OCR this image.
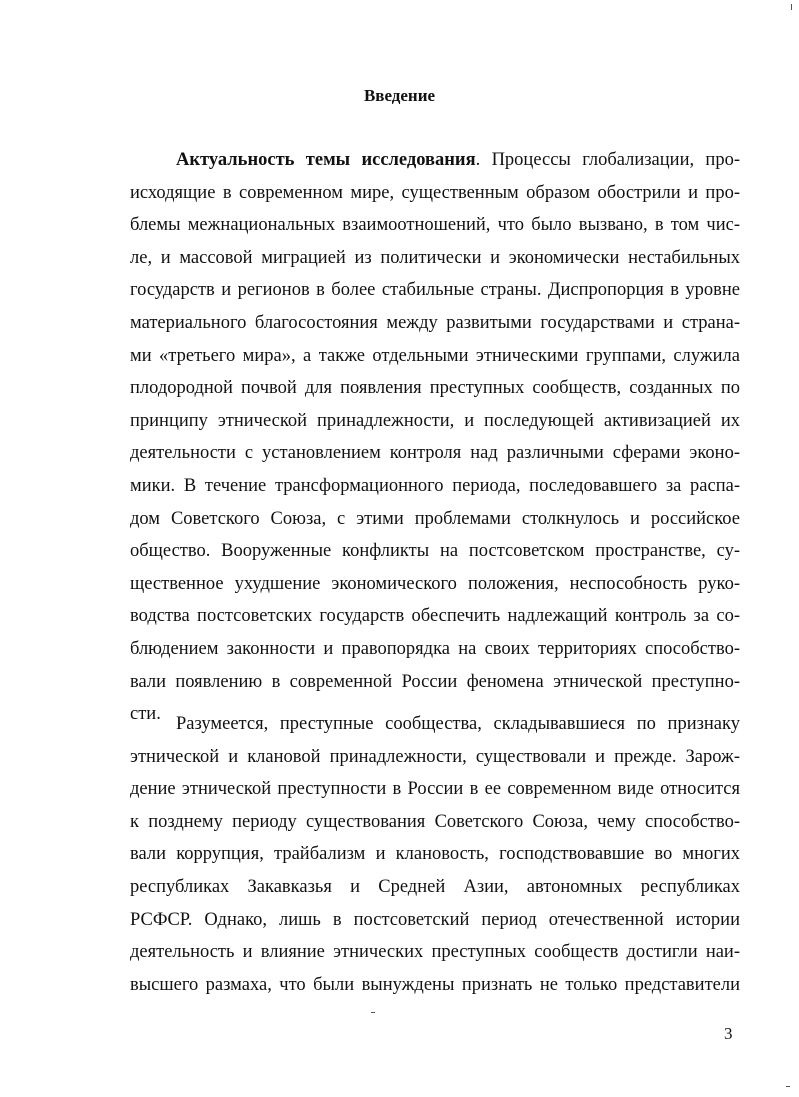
Введение
Актуальность темы исследования. Процессы глобализации, про-
исходящие в современном мире, существенным образом обострили и про-
блемы межнациональных взаимоотношений, что было вызвано, в том чис-
ле, и массовой миграцией из политически и экономически нестабильных
государств и регионов в более стабильные страны. Диспропорция в уровне
материального благосостояния между развитыми государствами и страна-
ми «третьего мира», а также отдельными этническими группами, служила
плодородной почвой для появления преступных сообществ, созданных по
принципу этнической принадлежности, и последующей активизацией их
деятельности с установлением контроля над различными сферами эконо-
мики. В течение трансформационного периода, последовавшего за распа-
дом Советского Союза, с этими проблемами столкнулось и российское
общество. Вооруженные конфликты на постсоветском пространстве, су-
щественное ухудшение экономического положения, неспособность руко-
водства постсоветских государств обеспечить надлежащий контроль за со-
блюдением законности и правопорядка на своих территориях способство-
вали появлению в современной России феномена этнической преступно-
сти. Разумеется, преступные сообщества, складывавшиеся по признаку
этнической и клановой принадлежности, существовали и прежде. Зарож-
дение этнической преступности в России в ее современном виде относится
к позднему периоду существования Советского Союза, чему способство-
вали коррупция, трайбализм и клановость, господствовавшие во многих
республиках Закавказья и Средней Азии, автономных республиках
РСФСР. Однако, лишь в постсоветский период отечественной истории
деятельность и влияние этнических преступных сообществ достигли наи-
высшего размаха, что были вынуждены признать не только представители
3
